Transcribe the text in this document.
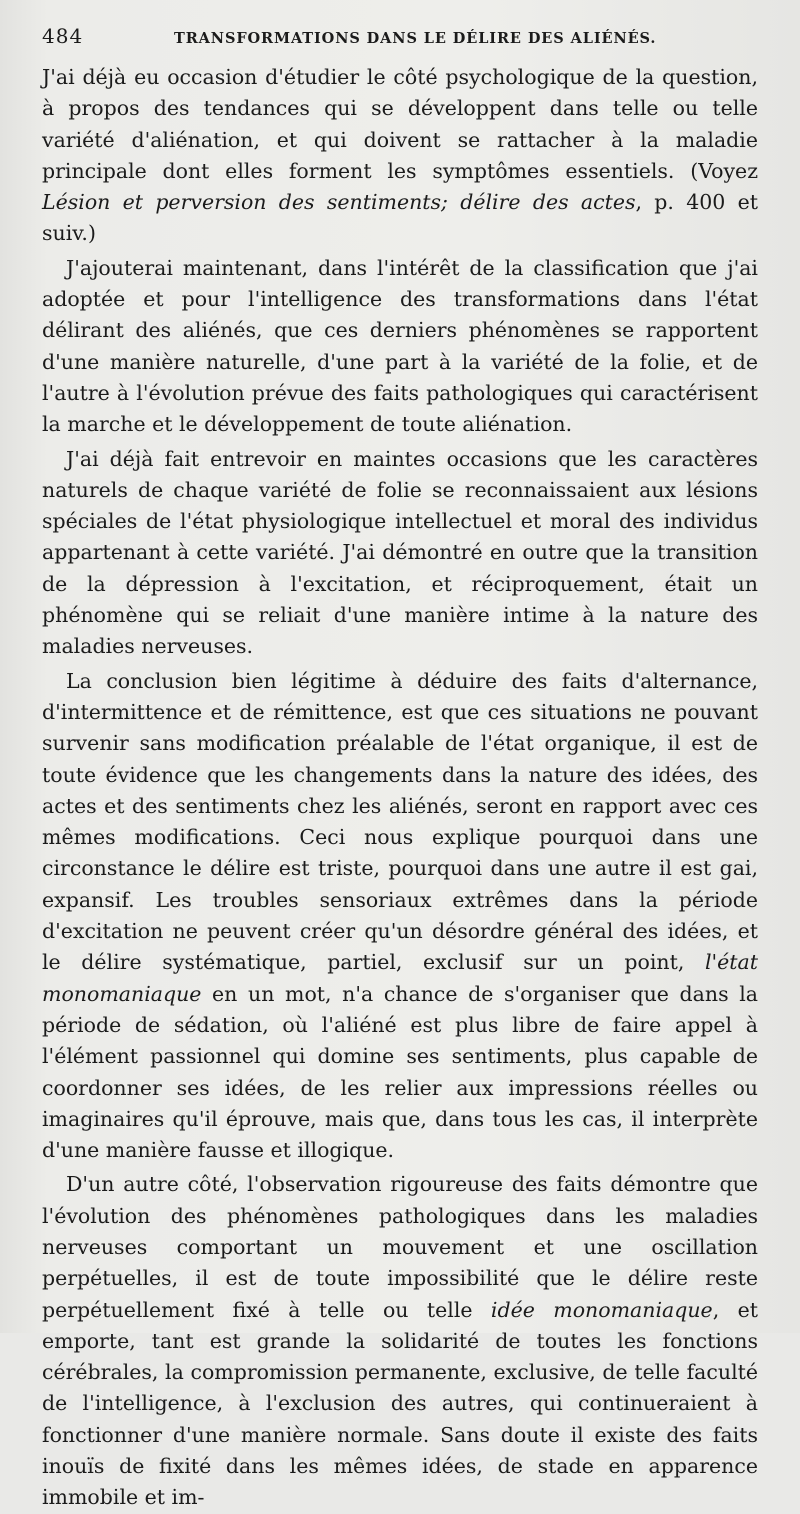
484	TRANSFORMATIONS DANS LE DÉLIRE DES ALIÉNÉS.

J'ai déjà eu occasion d'étudier le côté psychologique de la question, à propos des tendances qui se développent dans telle ou telle variété d'aliénation, et qui doivent se rattacher à la maladie principale dont elles forment les symptômes essentiels. (Voyez Lésion et perversion des sentiments; délire des actes, p. 400 et suiv.)

J'ajouterai maintenant, dans l'intérêt de la classification que j'ai adoptée et pour l'intelligence des transformations dans l'état délirant des aliénés, que ces derniers phénomènes se rapportent d'une manière naturelle, d'une part à la variété de la folie, et de l'autre à l'évolution prévue des faits pathologiques qui caractérisent la marche et le développement de toute aliénation.

J'ai déjà fait entrevoir en maintes occasions que les caractères naturels de chaque variété de folie se reconnaissaient aux lésions spéciales de l'état physiologique intellectuel et moral des individus appartenant à cette variété. J'ai démontré en outre que la transition de la dépression à l'excitation, et réciproquement, était un phénomène qui se reliait d'une manière intime à la nature des maladies nerveuses.

La conclusion bien légitime à déduire des faits d'alternance, d'intermittence et de rémittence, est que ces situations ne pouvant survenir sans modification préalable de l'état organique, il est de toute évidence que les changements dans la nature des idées, des actes et des sentiments chez les aliénés, seront en rapport avec ces mêmes modifications. Ceci nous explique pourquoi dans une circonstance le délire est triste, pourquoi dans une autre il est gai, expansif. Les troubles sensoriaux extrêmes dans la période d'excitation ne peuvent créer qu'un désordre général des idées, et le délire systématique, partiel, exclusif sur un point, l'état monomaniaque en un mot, n'a chance de s'organiser que dans la période de sédation, où l'aliéné est plus libre de faire appel à l'élément passionnel qui domine ses sentiments, plus capable de coordonner ses idées, de les relier aux impressions réelles ou imaginaires qu'il éprouve, mais que, dans tous les cas, il interprète d'une manière fausse et illogique.

D'un autre côté, l'observation rigoureuse des faits démontre que l'évolution des phénomènes pathologiques dans les maladies nerveuses comportant un mouvement et une oscillation perpétuelles, il est de toute impossibilité que le délire reste perpétuellement fixé à telle ou telle idée monomaniaque, et emporte, tant est grande la solidarité de toutes les fonctions cérébrales, la compromission permanente, exclusive, de telle faculté de l'intelligence, à l'exclusion des autres, qui continueraient à fonctionner d'une manière normale. Sans doute il existe des faits inouïs de fixité dans les mêmes idées, de stade en apparence immobile et im-
